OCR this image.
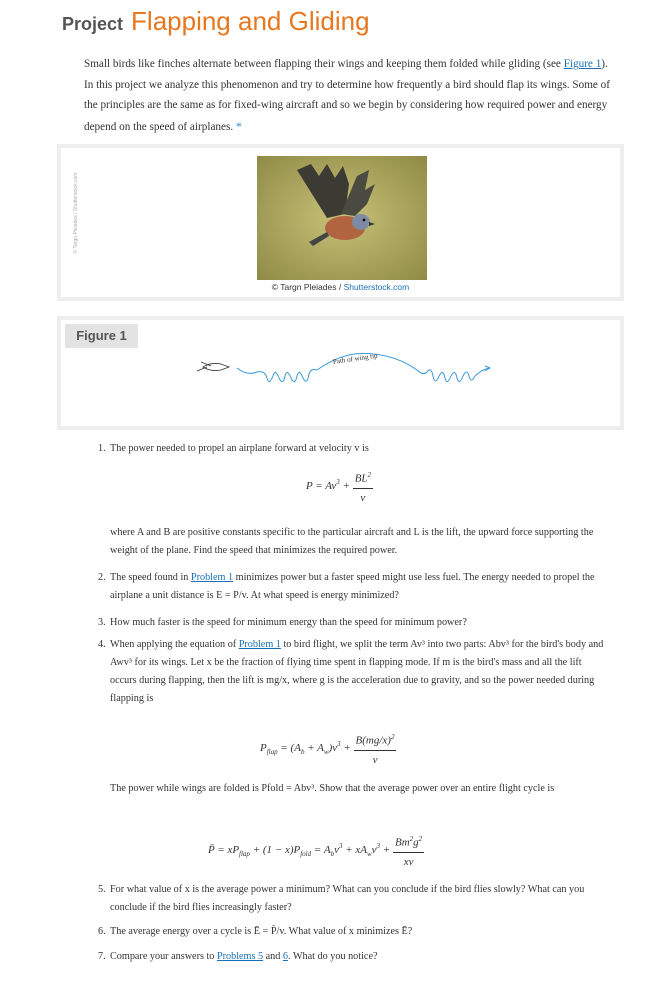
Project Flapping and Gliding
Small birds like finches alternate between flapping their wings and keeping them folded while gliding (see Figure 1). In this project we analyze this phenomenon and try to determine how frequently a bird should flap its wings. Some of the principles are the same as for fixed-wing aircraft and so we begin by considering how required power and energy depend on the speed of airplanes. *
© Targn Pleiades / Shutterstock.com
© Targn Pleiades / Shutterstock.com
Path of wing tip
Figure 1
1. The power needed to propel an airplane forward at velocity v is
$P = Av^3 + \frac{BL^2}{v}$
where A and B are positive constants specific to the particular aircraft and L is the lift, the upward force supporting the weight of the plane. Find the speed that minimizes the required power.
2. The speed found in Problem 1 minimizes power but a faster speed might use less fuel. The energy needed to propel the airplane a unit distance is E = P/v. At what speed is energy minimized?
3. How much faster is the speed for minimum energy than the speed for minimum power?
4. When applying the equation of Problem 1 to bird flight, we split the term Av³ into two parts: Abv³ for the bird's body and Awv³ for its wings. Let x be the fraction of flying time spent in flapping mode. If m is the bird's mass and all the lift occurs during flapping, then the lift is mg/x, where g is the acceleration due to gravity, and so the power needed during flapping is
$P_{flap} = (A_b + A_w)v^3 + \frac{B(mg/x)^2}{v}$
The power while wings are folded is Pfold = Abv³. Show that the average power over an entire flight cycle is
P̄ = $xP_{flap} + (1 - x)P_{fold} = A_bv^3 + xA_wv^3 + \frac{Bm^2g^2}{xv}$
5. For what value of x is the average power a minimum? What can you conclude if the bird flies slowly? What can you conclude if the bird flies increasingly faster?
6. The average energy over a cycle is Ē = P̄/v. What value of x minimizes Ē?
7. Compare your answers to Problems 5 and 6. What do you notice?
